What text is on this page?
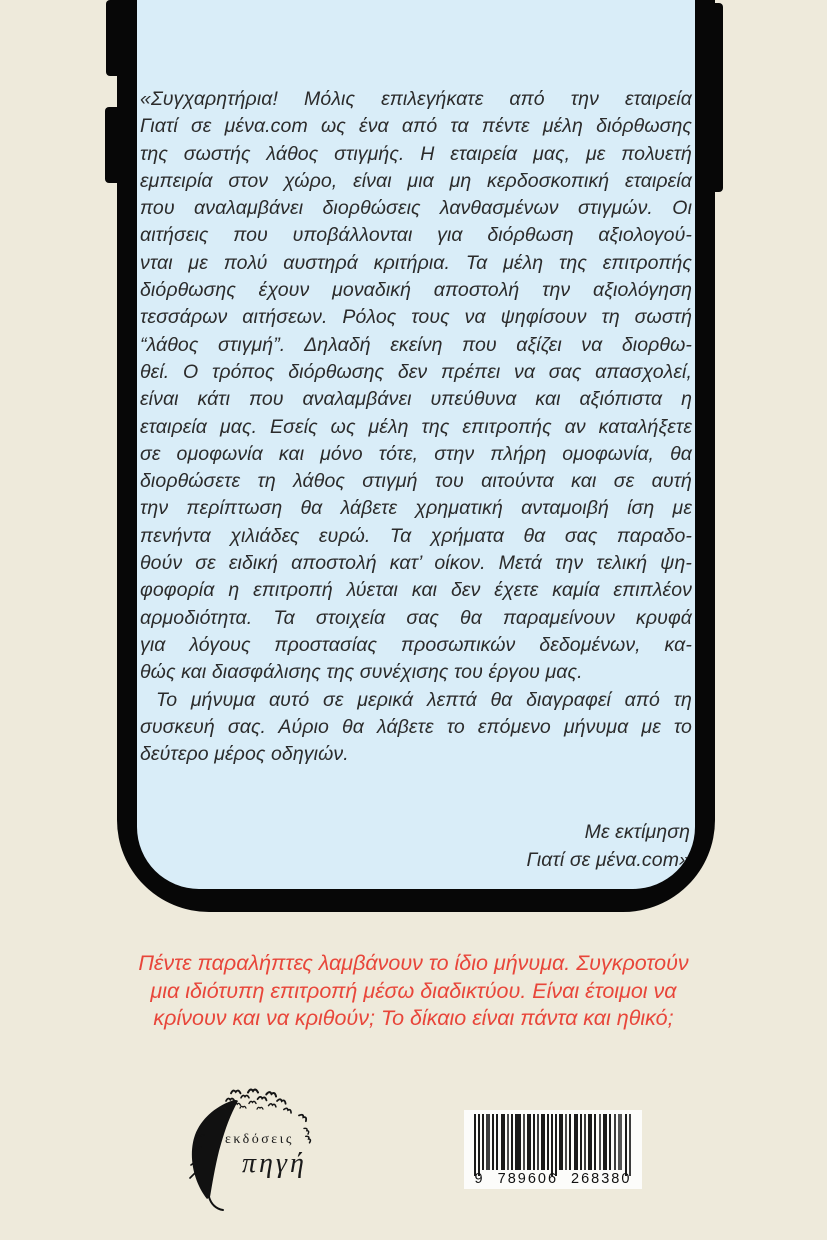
«Συγχαρητήρια! Μόλις επιλεγήκατε από την εταιρεία
Γιατί σε μένα.com ως ένα από τα πέντε μέλη διόρθωσης
της σωστής λάθος στιγμής. Η εταιρεία μας, με πολυετή
εμπειρία στον χώρο, είναι μια μη κερδοσκοπική εταιρεία
που αναλαμβάνει διορθώσεις λανθασμένων στιγμών. Οι
αιτήσεις που υποβάλλονται για διόρθωση αξιολογού-
νται με πολύ αυστηρά κριτήρια. Τα μέλη της επιτροπής
διόρθωσης έχουν μοναδική αποστολή την αξιολόγηση
τεσσάρων αιτήσεων. Ρόλος τους να ψηφίσουν τη σωστή
“λάθος στιγμή”. Δηλαδή εκείνη που αξίζει να διορθω-
θεί. Ο τρόπος διόρθωσης δεν πρέπει να σας απασχολεί,
είναι κάτι που αναλαμβάνει υπεύθυνα και αξιόπιστα η
εταιρεία μας. Εσείς ως μέλη της επιτροπής αν καταλήξετε
σε ομοφωνία και μόνο τότε, στην πλήρη ομοφωνία, θα
διορθώσετε τη λάθος στιγμή του αιτούντα και σε αυτή
την περίπτωση θα λάβετε χρηματική ανταμοιβή ίση με
πενήντα χιλιάδες ευρώ. Τα χρήματα θα σας παραδο-
θούν σε ειδική αποστολή κατ’ οίκον. Μετά την τελική ψη-
φοφορία η επιτροπή λύεται και δεν έχετε καμία επιπλέον
αρμοδιότητα. Τα στοιχεία σας θα παραμείνουν κρυφά
για λόγους προστασίας προσωπικών δεδομένων, κα-
θώς και διασφάλισης της συνέχισης του έργου μας.
Το μήνυμα αυτό σε μερικά λεπτά θα διαγραφεί από τη
συσκευή σας. Αύριο θα λάβετε το επόμενο μήνυμα με το
δεύτερο μέρος οδηγιών.
Με εκτίμηση
Γιατί σε μένα.com»
Πέντε παραλήπτες λαμβάνουν το ίδιο μήνυμα. Συγκροτούν
μια ιδιότυπη επιτροπή μέσω διαδικτύου. Είναι έτοιμοι να
κρίνουν και να κριθούν; Το δίκαιο είναι πάντα και ηθικό;
εκδόσεις
πηγή	9 789606 268380
